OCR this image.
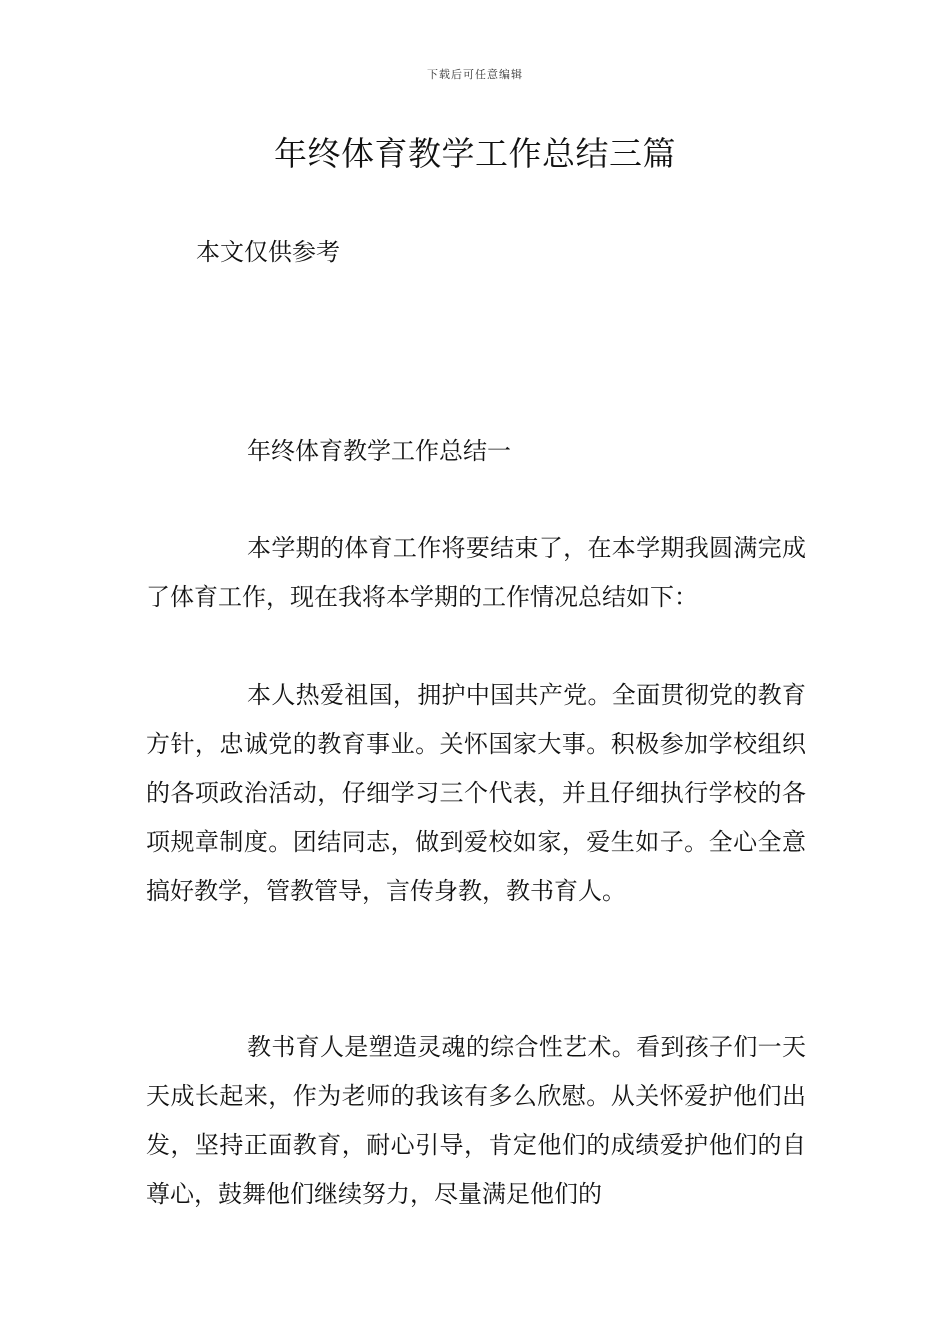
下载后可任意编辑
年终体育教学工作总结三篇
本文仅供参考
年终体育教学工作总结一

本学期的体育工作将要结束了，在本学期我圆满完成了体育工作，现在我将本学期的工作情况总结如下：

本人热爱祖国，拥护中国共产党。全面贯彻党的教育方针，忠诚党的教育事业。关怀国家大事。积极参加学校组织的各项政治活动，仔细学习三个代表，并且仔细执行学校的各项规章制度。团结同志，做到爱校如家，爱生如子。全心全意搞好教学，管教管导，言传身教，教书育人。

教书育人是塑造灵魂的综合性艺术。看到孩子们一天天成长起来，作为老师的我该有多么欣慰。从关怀爱护他们出发，坚持正面教育，耐心引导，肯定他们的成绩爱护他们的自尊心，鼓舞他们继续努力，尽量满足他们的
